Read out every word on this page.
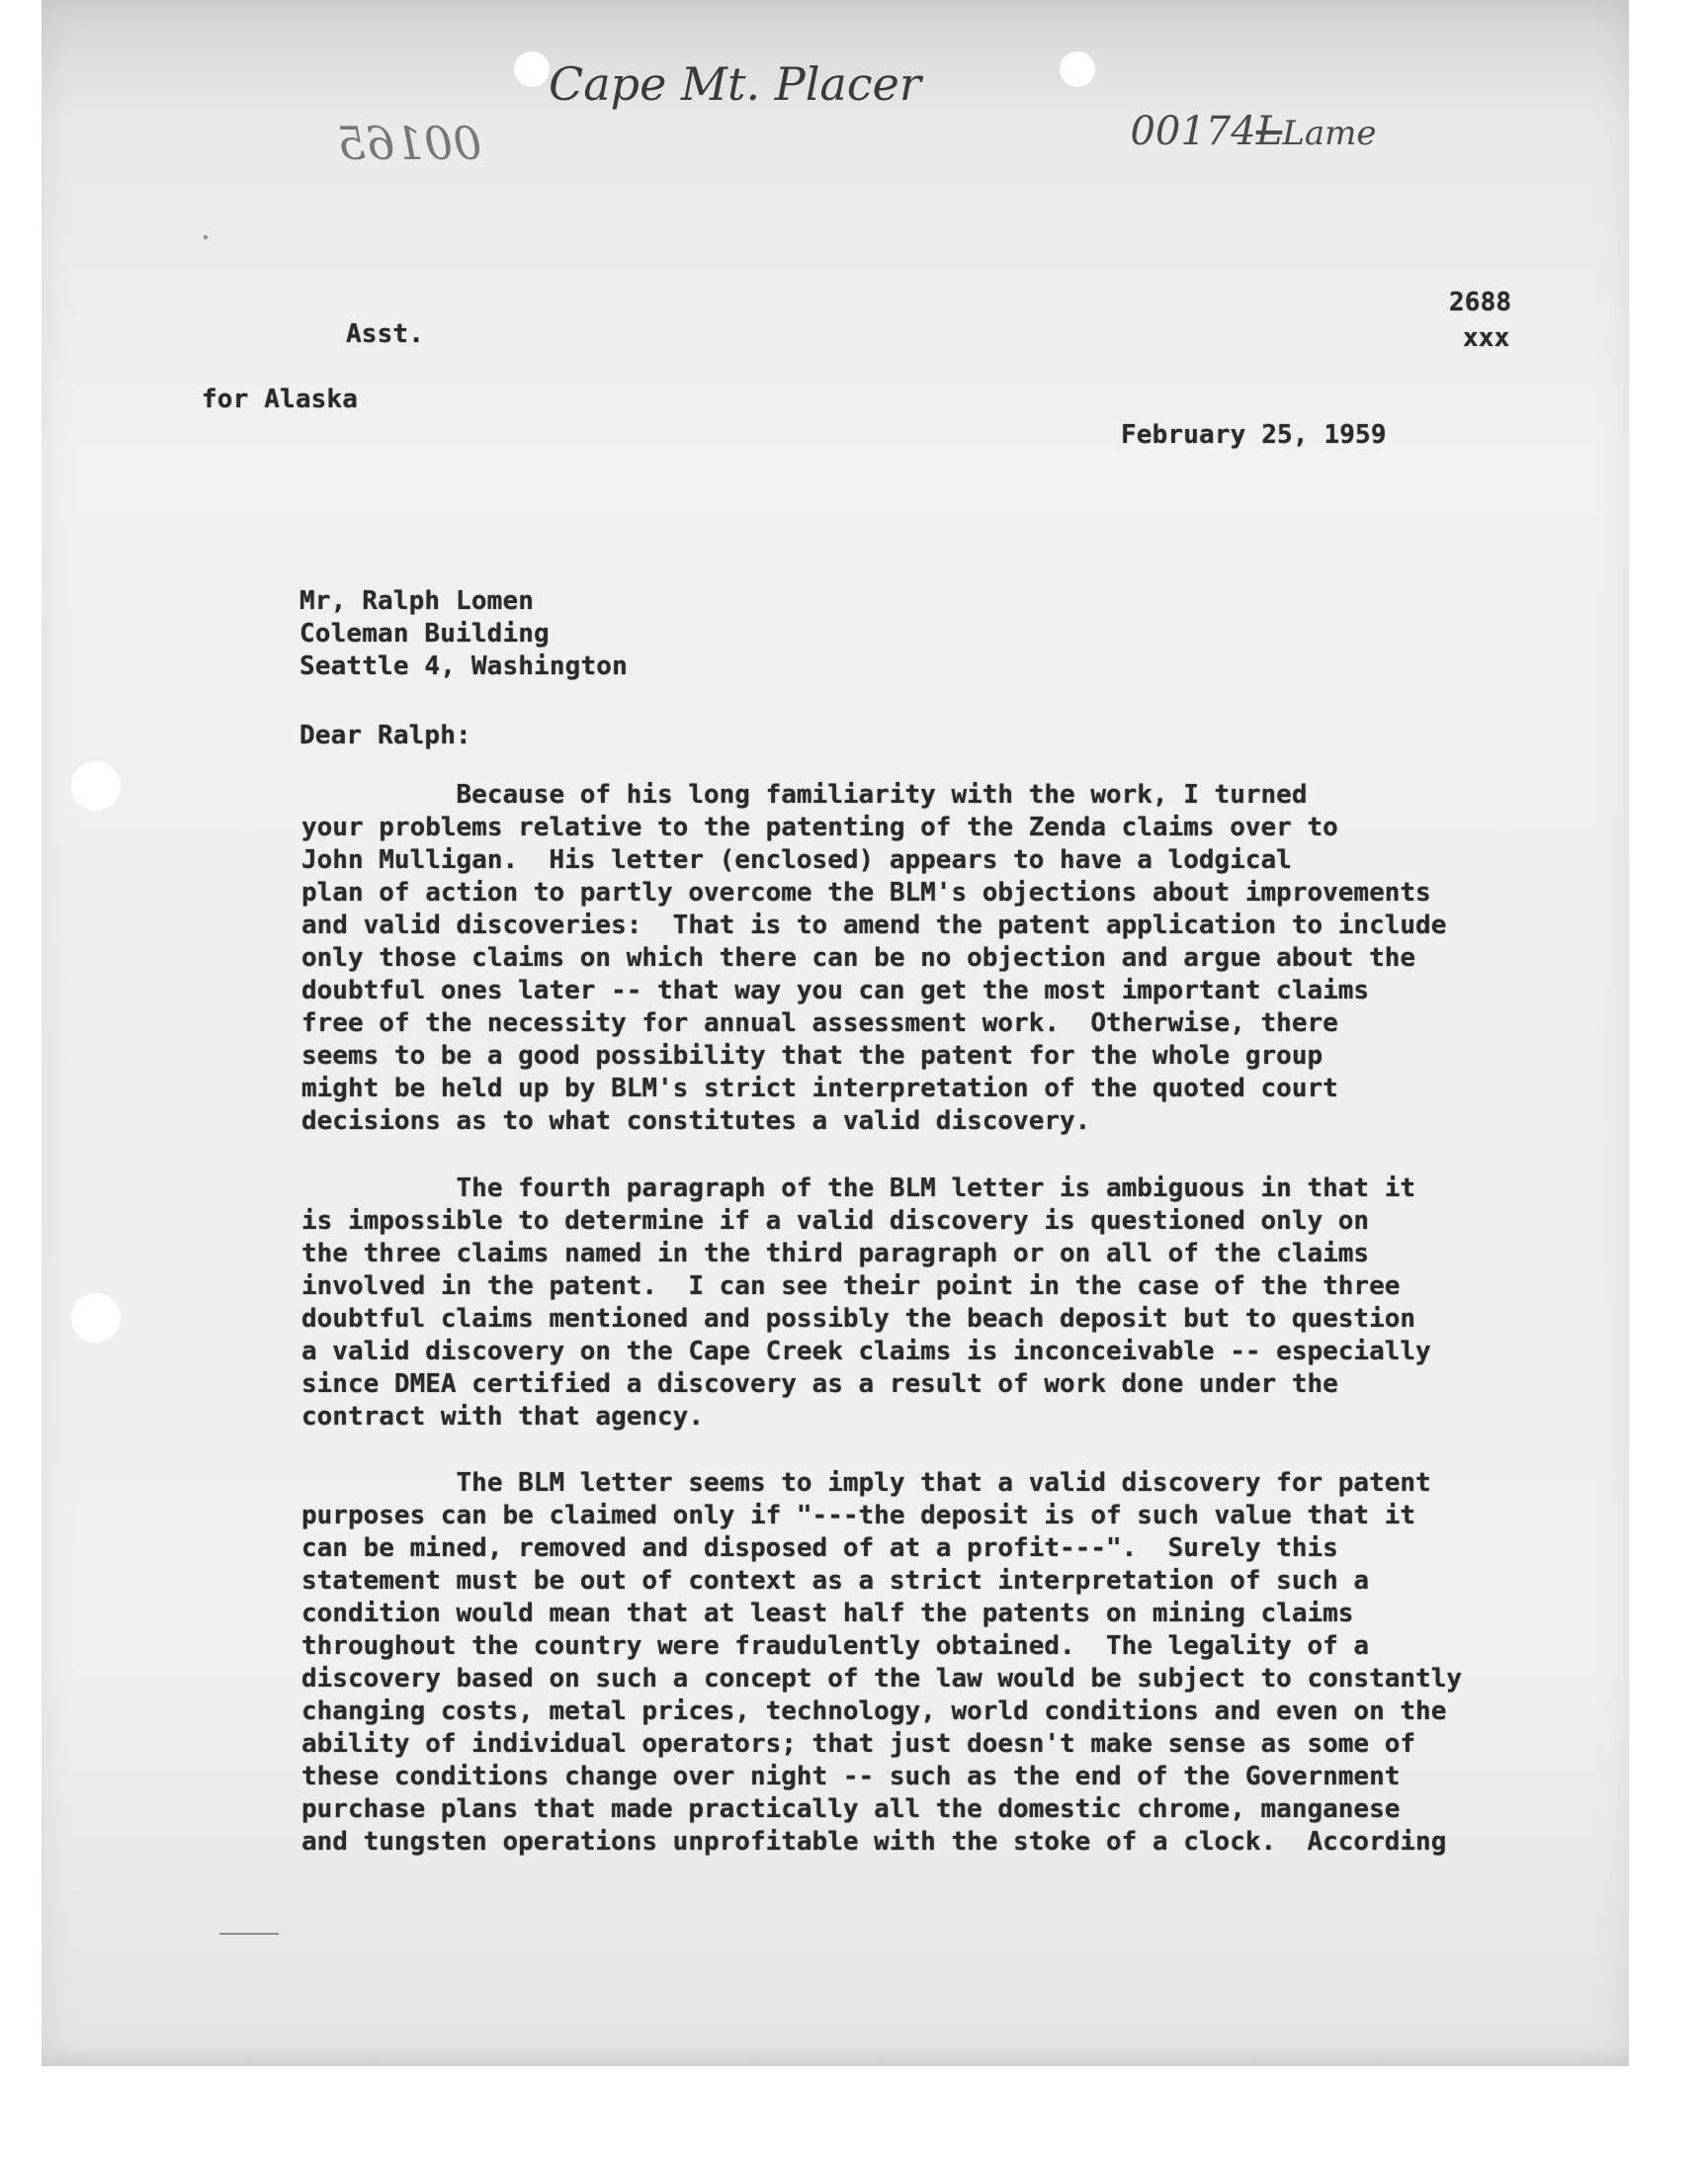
00165

Cape Mt. Placer

00174LLame

2688
xxx
Asst.
for Alaska
February 25, 1959
Mr, Ralph Lomen
Coleman Building
Seattle 4, Washington
Dear Ralph:
Because of his long familiarity with the work, I turned
your problems relative to the patenting of the Zenda claims over to
John Mulligan.  His letter (enclosed) appears to have a lodgical
plan of action to partly overcome the BLM's objections about improvements
and valid discoveries:  That is to amend the patent application to include
only those claims on which there can be no objection and argue about the
doubtful ones later -- that way you can get the most important claims
free of the necessity for annual assessment work.  Otherwise, there
seems to be a good possibility that the patent for the whole group
might be held up by BLM's strict interpretation of the quoted court
decisions as to what constitutes a valid discovery.
The fourth paragraph of the BLM letter is ambiguous in that it
is impossible to determine if a valid discovery is questioned only on
the three claims named in the third paragraph or on all of the claims
involved in the patent.  I can see their point in the case of the three
doubtful claims mentioned and possibly the beach deposit but to question
a valid discovery on the Cape Creek claims is inconceivable -- especially
since DMEA certified a discovery as a result of work done under the
contract with that agency.
The BLM letter seems to imply that a valid discovery for patent
purposes can be claimed only if "---the deposit is of such value that it
can be mined, removed and disposed of at a profit---".  Surely this
statement must be out of context as a strict interpretation of such a
condition would mean that at least half the patents on mining claims
throughout the country were fraudulently obtained.  The legality of a
discovery based on such a concept of the law would be subject to constantly
changing costs, metal prices, technology, world conditions and even on the
ability of individual operators; that just doesn't make sense as some of
these conditions change over night -- such as the end of the Government
purchase plans that made practically all the domestic chrome, manganese
and tungsten operations unprofitable with the stoke of a clock.  According
